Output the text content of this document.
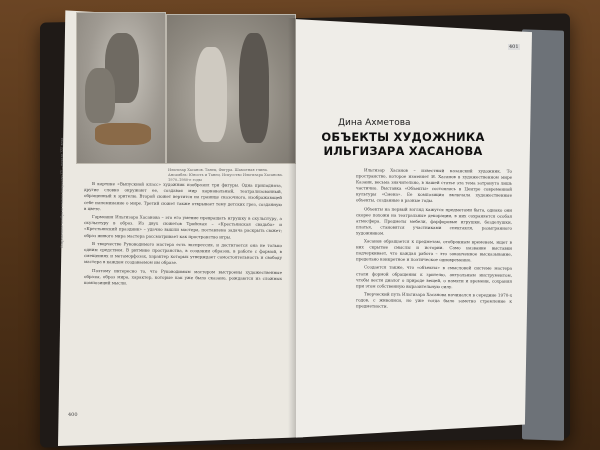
Ильгизар Хасанов. Танец. Фигура. Шамотная глина. Ансамбль: Юность и Танец. Искусство Ильгизара Хасанова. 1970–1980-е годы

В картине «Выпускной класс» художник изобразил три фигуры. Одна приподнята, другие словно окружают ее, создавая мир карнавальный, театрализованный, обращенный к зрителю. Второй сюжет вертится на границе сказочного, изображающей себе напоминание о мире. Третий сюжет также открывает тему детских грез, созданную в цвете.

Гармония Ильгизара Хасанова – это его умение превращать игрушку в скульптуру, а скульптуру в образ. Из двух сюжетов Тройская – «Крестьянская свадьба» и «Крестьянский праздник» – удачно вышли мастера, поставлена задача раскрыть сюжет; образ живого мира мастера рассматривает как пространство игры.

В творчестве Руководимого мастера есть экспрессия, и достигается она не только одним средством. В ритмике пространства, в создании образов, в работе с формой, в смещениях и метаморфозах, характер которых утверждает самостоятельность и свободу мастера в каждом создаваемом им образе.

Поэтому интересно то, что Руководимым мастером выстроены художественные образы, образ мира, характер, которые как уже было сказано, рождаются из сложных композиций мысли.

Современное изобразительное искусство XX – начала XXI века
400
401
Дина Ахметова
ОБЪЕКТЫ ХУДОЖНИКА
ИЛЬГИЗАРА ХАСАНОВА

Ильгизар Хасанов – известный казанский художник. То пространство, которое изменяет И. Хасанов в художественном мире Казани, весьма значительно, в нашей статье эта тема затронута лишь частично. Выставка «Объекты» состоялась в Центре современной культуры «Смена». Ее композиция включала художественные объекты, созданные в разные годы.

Объекты на первый взгляд кажутся предметами быта, однако они скорее похожи на театральные декорации, в них сохраняется особая атмосфера. Предметы мебели, фарфоровые игрушки, безделушки, платья, становятся участниками спектакля, разыгранного художником.

Хасанов обращается к предметам, отобранным временем, ищет в них скрытые смыслы и истории. Само название выставки подчеркивает, что каждая работа – это законченное высказывание, предельно конкретное и поэтическое одновременно.

Создается также, что «объекты» в смысловой системе мастера стали формой обращения к зрителю, актуальным инструментом, чтобы вести диалог о природе вещей, о памяти и времени, сохраняя при этом собственную выразительную силу.

Творческий путь Ильгизара Хасанова начинался в середине 1970-х годов, с живописи, но уже тогда было заметно стремление к предметности.
